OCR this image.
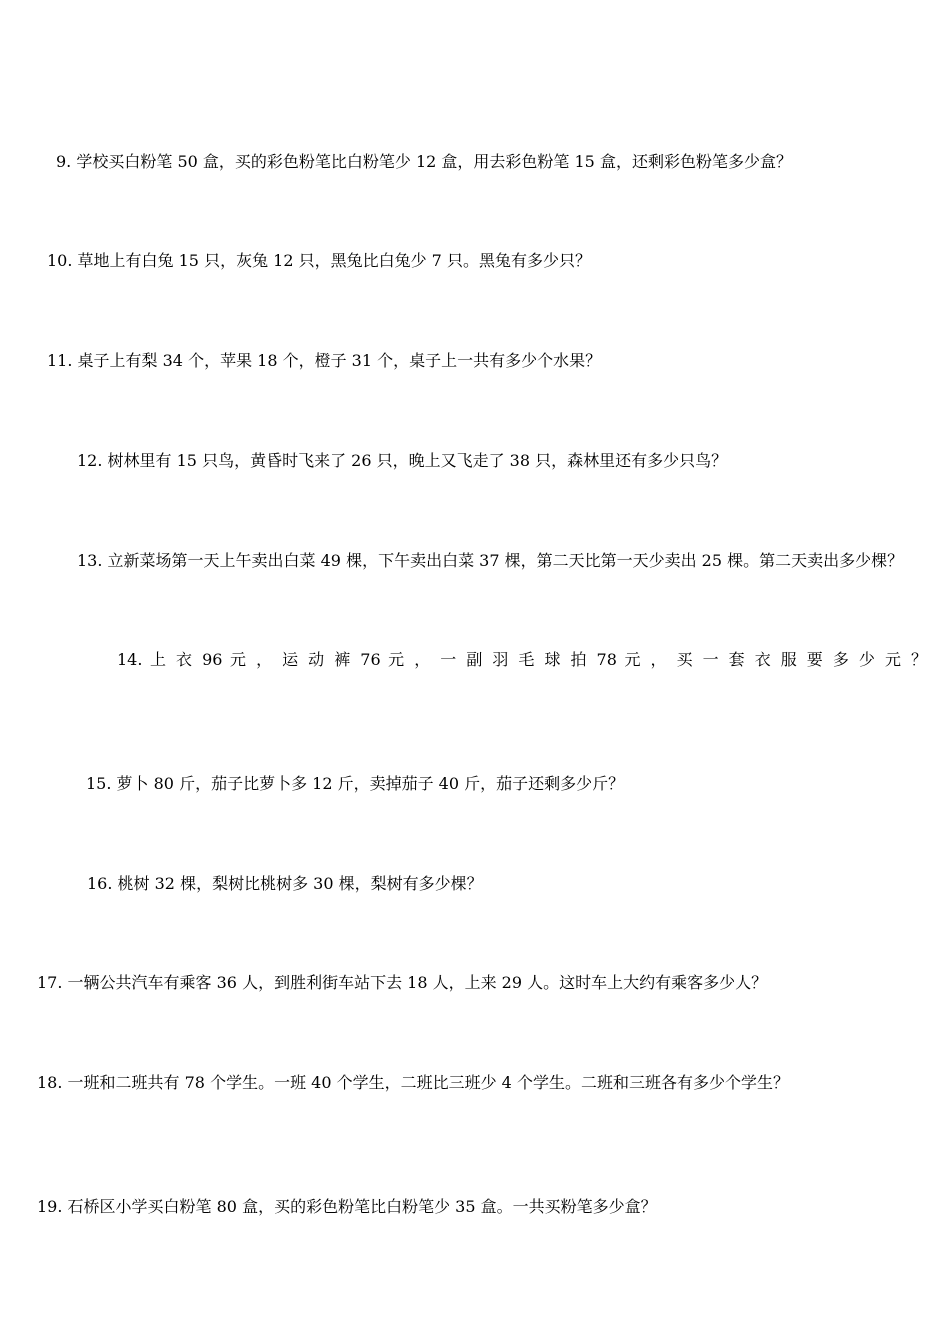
9. 学校买白粉笔 50 盒，买的彩色粉笔比白粉笔少 12 盒，用去彩色粉笔 15 盒，还剩彩色粉笔多少盒？
10. 草地上有白兔 15 只，灰兔 12 只，黑兔比白兔少 7 只。黑兔有多少只？
11. 桌子上有梨 34 个，苹果 18 个，橙子 31 个，桌子上一共有多少个水果？
12. 树林里有 15 只鸟，黄昏时飞来了 26 只，晚上又飞走了 38 只，森林里还有多少只鸟？
13. 立新菜场第一天上午卖出白菜 49 棵，下午卖出白菜 37 棵，第二天比第一天少卖出 25 棵。第二天卖出多少棵？
14. 上 衣 96 元 ， 运 动 裤 76 元 ， 一 副 羽 毛 球 拍 78 元 ， 买 一 套 衣 服 要 多 少 元 ？
15. 萝卜 80 斤，茄子比萝卜多 12 斤，卖掉茄子 40 斤，茄子还剩多少斤？
16. 桃树 32 棵，梨树比桃树多 30 棵，梨树有多少棵？
17. 一辆公共汽车有乘客 36 人，到胜利街车站下去 18 人，上来 29 人。这时车上大约有乘客多少人？
18. 一班和二班共有 78 个学生。一班 40 个学生，二班比三班少 4 个学生。二班和三班各有多少个学生？
19. 石桥区小学买白粉笔 80 盒，买的彩色粉笔比白粉笔少 35 盒。一共买粉笔多少盒？
